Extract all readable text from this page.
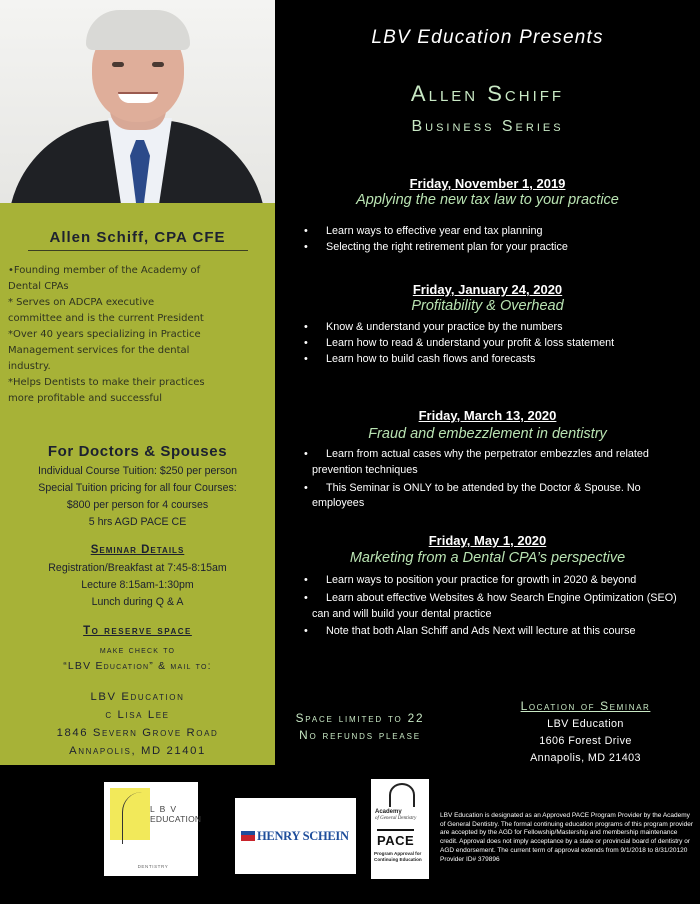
Allen Schiff, CPA CFE
•Founding member of the Academy of
Dental CPAs
* Serves on ADCPA executive
committee and is the current President
*Over 40 years specializing in Practice
Management services for the dental
industry.
*Helps Dentists to make their practices
more profitable and successful
For Doctors & Spouses
Individual Course Tuition: $250 per person
Special Tuition pricing for all four Courses:
$800 per person for 4 courses
5 hrs AGD PACE CE
Seminar Details
Registration/Breakfast at 7:45-8:15am
Lecture 8:15am-1:30pm
Lunch during Q & A
To reserve space
make check to
“LBV Education” & mail to:
LBV Education
c Lisa Lee
1846 Severn Grove Road
Annapolis, MD 21401
LBV Education Presents
Allen Schiff
Business Series
Friday, November 1, 2019
Applying the new tax law to your practice
• Learn ways to effective year end tax planning
• Selecting the right retirement plan for your practice
Friday, January 24, 2020
Profitability & Overhead
• Know & understand your practice by the numbers
• Learn how to read & understand your profit & loss statement
• Learn how to build cash flows and forecasts
Friday, March 13, 2020
Fraud and embezzlement in dentistry
• Learn from actual cases why the perpetrator embezzles and related prevention techniques
• This Seminar is ONLY to be attended by the Doctor & Spouse. No employees
Friday, May 1, 2020
Marketing from a Dental CPA’s perspective
• Learn ways to position your practice for growth in 2020 & beyond
• Learn about effective Websites & how Search Engine Optimization (SEO) can and will build your dental practice
• Note that both Alan Schiff and Ads Next will lecture at this course
Space limited to 22
No refunds please
Location of Seminar
LBV Education
1606 Forest Drive
Annapolis, MD 21403
L B V
EDUCATION
DENTISTRY
HENRY SCHEIN
Academy
of General Dentistry
PACE
Program Approval for Continuing Education
LBV Education is designated as an Approved PACE Program Provider by the Academy of General Dentistry. The formal continuing education programs of this program provider are accepted by the AGD for Fellowship/Mastership and membership maintenance credit. Approval does not imply acceptance by a state or provincial board of dentistry or AGD endorsement. The current term of approval extends from 9/1/2018 to 8/31/20120 Provider ID# 379896
